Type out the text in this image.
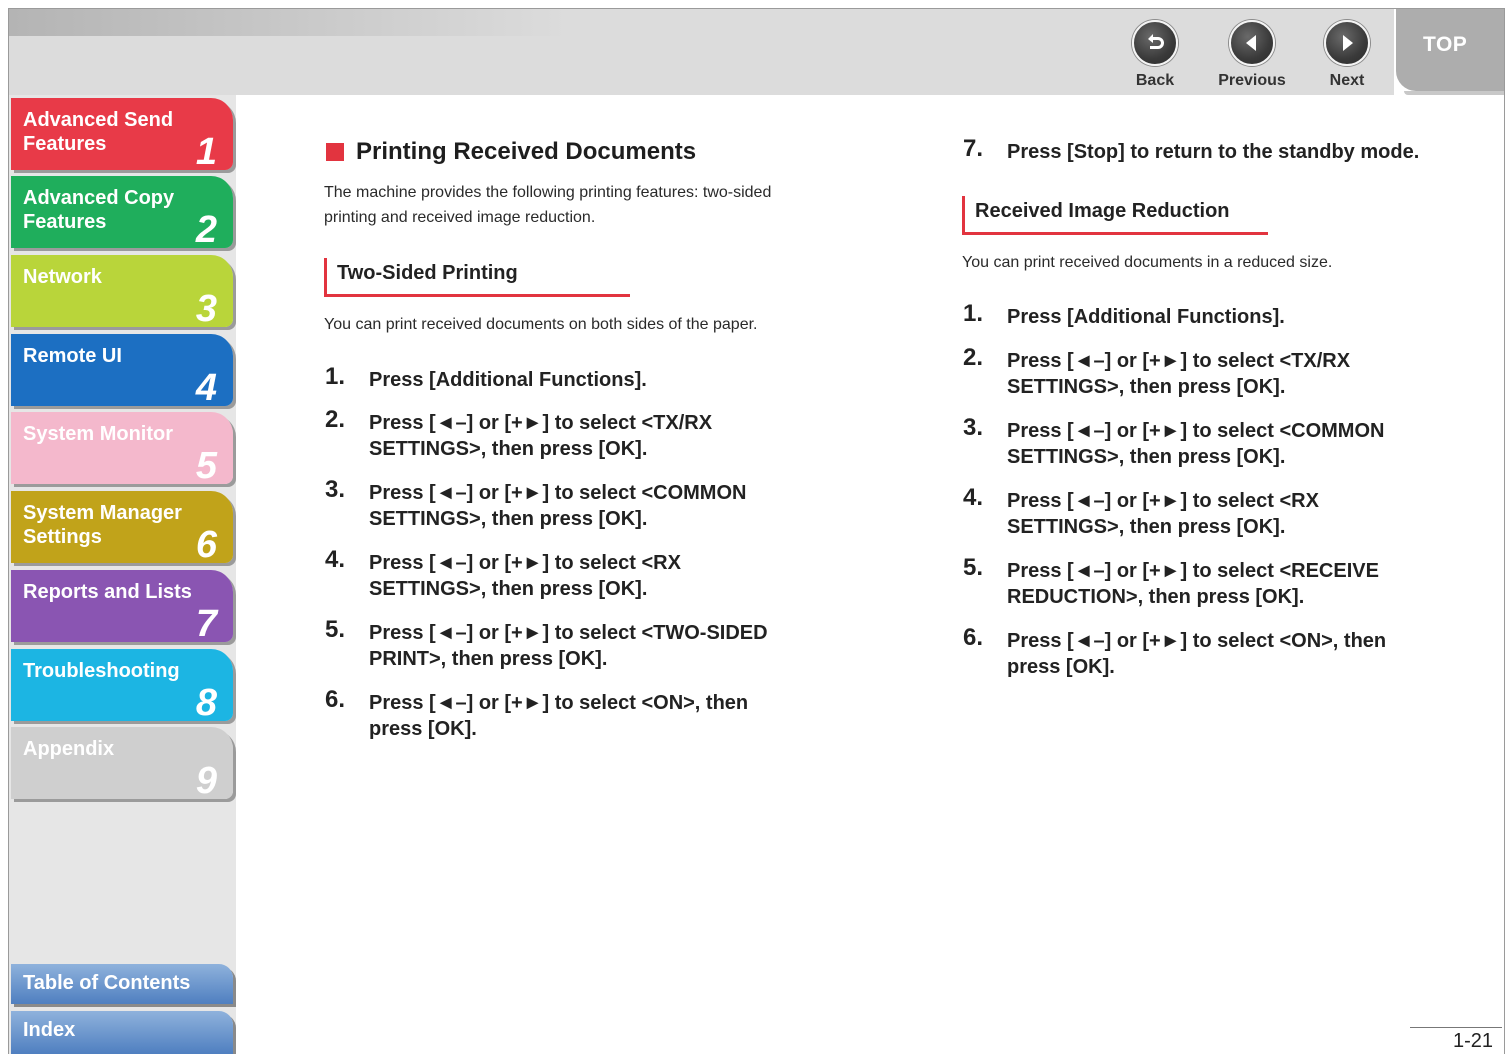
Back	Previous	Next
TOP
Advanced Send
Features	1
Advanced Copy
Features	2
Network
3
Remote UI
4
System Monitor
5
System Manager
Settings	6
Reports and Lists
7
Troubleshooting
8
Appendix
9
Table of Contents
Index
Printing Received Documents
The machine provides the following printing features: two-sided
printing and received image reduction.
Two-Sided Printing
You can print received documents on both sides of the paper.
1. Press [Additional Functions].
2. Press [◄–] or [+►] to select <TX/RX
SETTINGS>, then press [OK].
3. Press [◄–] or [+►] to select <COMMON
SETTINGS>, then press [OK].
4. Press [◄–] or [+►] to select <RX
SETTINGS>, then press [OK].
5. Press [◄–] or [+►] to select <TWO-SIDED
PRINT>, then press [OK].
6. Press [◄–] or [+►] to select <ON>, then
press [OK].
7. Press [Stop] to return to the standby mode.
Received Image Reduction
You can print received documents in a reduced size.
1. Press [Additional Functions].
2. Press [◄–] or [+►] to select <TX/RX
SETTINGS>, then press [OK].
3. Press [◄–] or [+►] to select <COMMON
SETTINGS>, then press [OK].
4. Press [◄–] or [+►] to select <RX
SETTINGS>, then press [OK].
5. Press [◄–] or [+►] to select <RECEIVE
REDUCTION>, then press [OK].
6. Press [◄–] or [+►] to select <ON>, then
press [OK].
1-21
